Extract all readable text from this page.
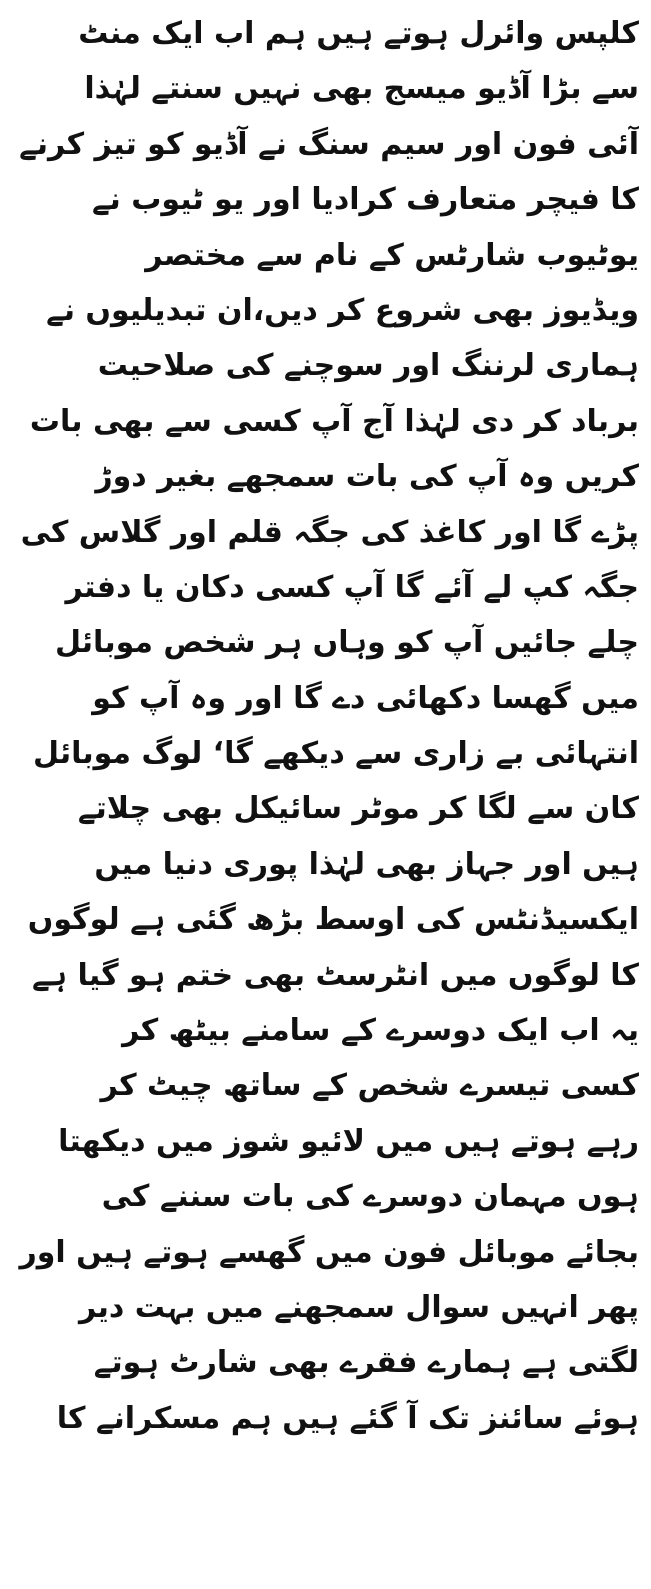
کلپس وائرل ہوتے ہیں ہم اب ایک منٹ
سے بڑا آڈیو میسج بھی نہیں سنتے لہٰذا
آئی فون اور سیم سنگ نے آڈیو کو تیز کرنے
کا فیچر متعارف کرادیا اور یو ٹیوب نے
یوٹیوب شارٹس کے نام سے مختصر
ویڈیوز بھی شروع کر دیں،ان تبدیلیوں نے
ہماری لرننگ اور سوچنے کی صلاحیت
برباد کر دی لہٰذا آج آپ کسی سے بھی بات
کریں وہ آپ کی بات سمجھے بغیر دوڑ
پڑے گا اور کاغذ کی جگہ قلم اور گلاس کی
جگہ کپ لے آئے گا آپ کسی دکان یا دفتر
چلے جائیں آپ کو وہاں ہر شخص موبائل
میں گھسا دکھائی دے گا اور وہ آپ کو
انتہائی بے زاری سے دیکھے گا‘ لوگ موبائل
کان سے لگا کر موٹر سائیکل بھی چلاتے
ہیں اور جہاز بھی لہٰذا پوری دنیا میں
ایکسیڈنٹس کی اوسط بڑھ گئی ہے لوگوں
کا لوگوں میں انٹرسٹ بھی ختم ہو گیا ہے
یہ اب ایک دوسرے کے سامنے بیٹھ کر
کسی تیسرے شخص کے ساتھ چیٹ کر
رہے ہوتے ہیں میں لائیو شوز میں دیکھتا
ہوں مہمان دوسرے کی بات سننے کی
بجائے موبائل فون میں گھسے ہوتے ہیں اور
پھر انہیں سوال سمجھنے میں بہت دیر
لگتی ہے ہمارے فقرے بھی شارٹ ہوتے
ہوئے سائنز تک آ گئے ہیں ہم مسکرانے کا
